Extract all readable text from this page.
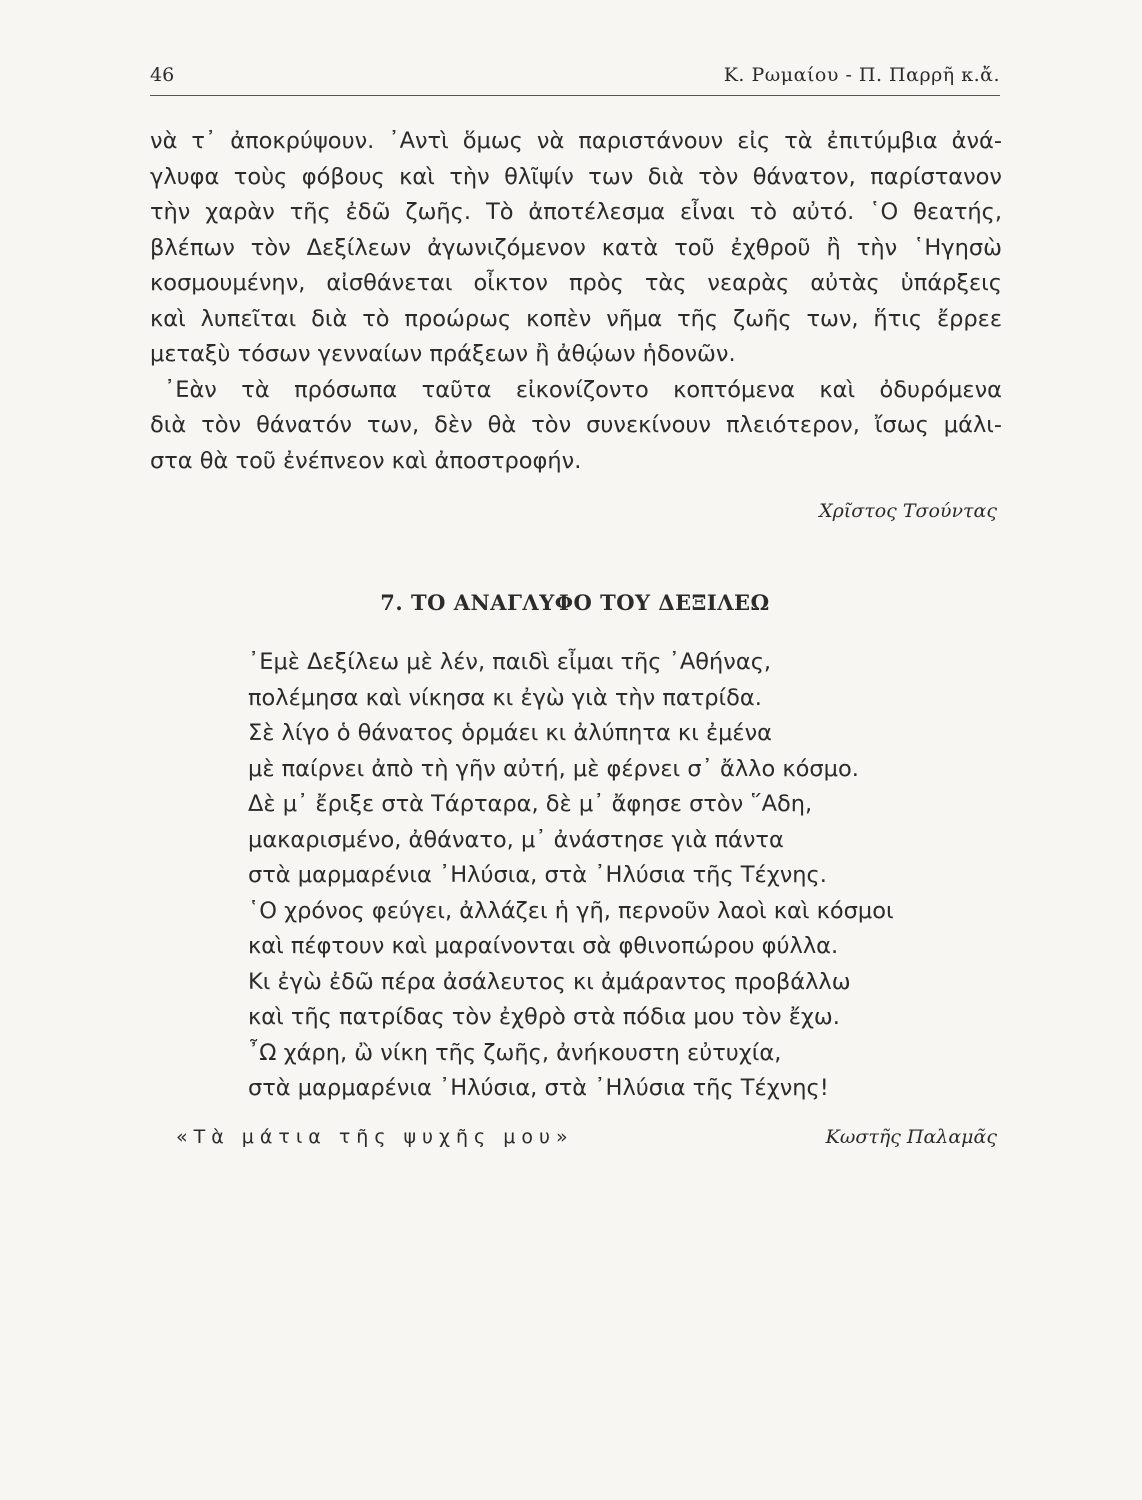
46	Κ. Ρωμαίου - Π. Παρρῆ κ.ἄ.

νὰ τ᾽ ἀποκρύψουν. ᾽Αντὶ ὅμως νὰ παριστάνουν εἰς τὰ ἐπιτύμβια ἀνά-
γλυφα τοὺς φόβους καὶ τὴν θλῖψίν των διὰ τὸν θάνατον, παρίστανον
τὴν χαρὰν τῆς ἐδῶ ζωῆς. Τὸ ἀποτέλεσμα εἶναι τὸ αὐτό. ῾Ο θεατής,
βλέπων τὸν Δεξίλεων ἀγωνιζόμενον κατὰ τοῦ ἐχθροῦ ἢ τὴν ῾Ηγησὼ
κοσμουμένην, αἰσθάνεται οἶκτον πρὸς τὰς νεαρὰς αὐτὰς ὑπάρξεις
καὶ λυπεῖται διὰ τὸ προώρως κοπὲν νῆμα τῆς ζωῆς των, ἥτις ἔρρεε
μεταξὺ τόσων γενναίων πράξεων ἢ ἀθῴων ἡδονῶν.
᾽Εὰν τὰ πρόσωπα ταῦτα εἰκονίζοντο κοπτόμενα καὶ ὀδυρόμενα
διὰ τὸν θάνατόν των, δὲν θὰ τὸν συνεκίνουν πλειότερον, ἴσως μάλι-
στα θὰ τοῦ ἐνέπνεον καὶ ἀποστροφήν.

Χρῖστος Τσούντας
7. ΤΟ ΑΝΑΓΛΥΦΟ ΤΟΥ ΔΕΞΙΛΕΩ
᾽Εμὲ Δεξίλεω μὲ λέν, παιδὶ εἶμαι τῆς ᾽Αθήνας,
πολέμησα καὶ νίκησα κι ἐγὼ γιὰ τὴν πατρίδα.
Σὲ λίγο ὁ θάνατος ὁρμάει κι ἀλύπητα κι ἐμένα
μὲ παίρνει ἀπὸ τὴ γῆν αὐτή, μὲ φέρνει σ᾽ ἄλλο κόσμο.
Δὲ μ᾽ ἔριξε στὰ Τάρταρα, δὲ μ᾽ ἄφησε στὸν ῞Αδη,
μακαρισμένο, ἀθάνατο, μ᾽ ἀνάστησε γιὰ πάντα
στὰ μαρμαρένια ᾽Ηλύσια, στὰ ᾽Ηλύσια τῆς Τέχνης.
῾Ο χρόνος φεύγει, ἀλλάζει ἡ γῆ, περνοῦν λαοὶ καὶ κόσμοι
καὶ πέφτουν καὶ μαραίνονται σὰ φθινοπώρου φύλλα.
Κι ἐγὼ ἐδῶ πέρα ἀσάλευτος κι ἀμάραντος προβάλλω
καὶ τῆς πατρίδας τὸν ἐχθρὸ στὰ πόδια μου τὸν ἔχω.
῏Ω χάρη, ὢ νίκη τῆς ζωῆς, ἀνήκουστη εὐτυχία,
στὰ μαρμαρένια ᾽Ηλύσια, στὰ ᾽Ηλύσια τῆς Τέχνης!
«Τὰ μάτια τῆς ψυχῆς μου»	Κωστῆς Παλαμᾶς
